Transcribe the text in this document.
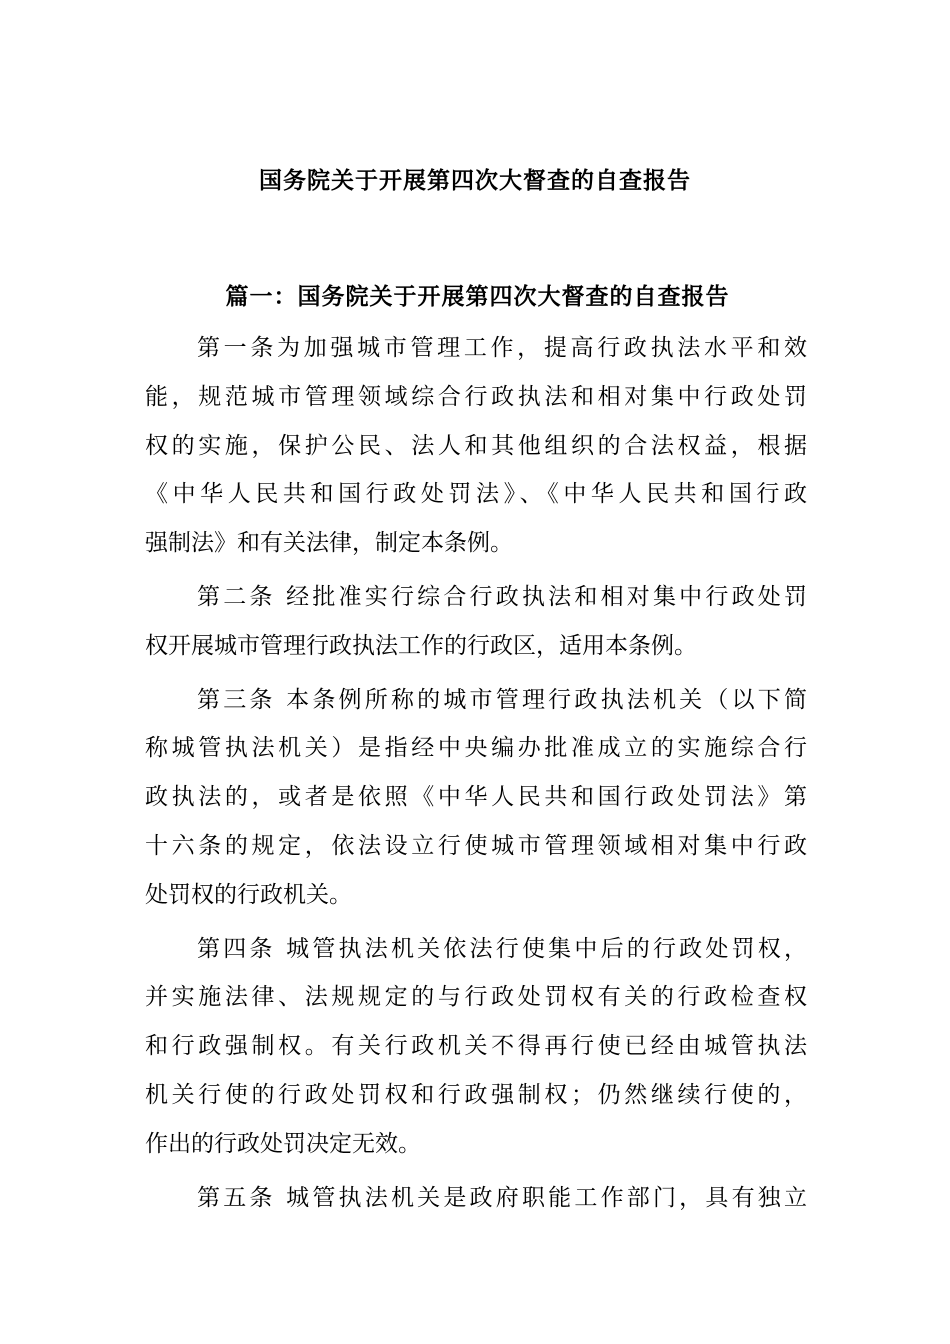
国务院关于开展第四次大督查的自查报告
篇一：国务院关于开展第四次大督查的自查报告
第一条为加强城市管理工作，提高行政执法水平和效
能，规范城市管理领域综合行政执法和相对集中行政处罚
权的实施，保护公民、法人和其他组织的合法权益，根据
《中华人民共和国行政处罚法》、《中华人民共和国行政
强制法》和有关法律，制定本条例。
第二条 经批准实行综合行政执法和相对集中行政处罚
权开展城市管理行政执法工作的行政区，适用本条例。
第三条 本条例所称的城市管理行政执法机关（以下简
称城管执法机关）是指经中央编办批准成立的实施综合行
政执法的，或者是依照《中华人民共和国行政处罚法》第
十六条的规定，依法设立行使城市管理领域相对集中行政
处罚权的行政机关。
第四条 城管执法机关依法行使集中后的行政处罚权，
并实施法律、法规规定的与行政处罚权有关的行政检查权
和行政强制权。有关行政机关不得再行使已经由城管执法
机关行使的行政处罚权和行政强制权；仍然继续行使的，
作出的行政处罚决定无效。
第五条 城管执法机关是政府职能工作部门，具有独立
